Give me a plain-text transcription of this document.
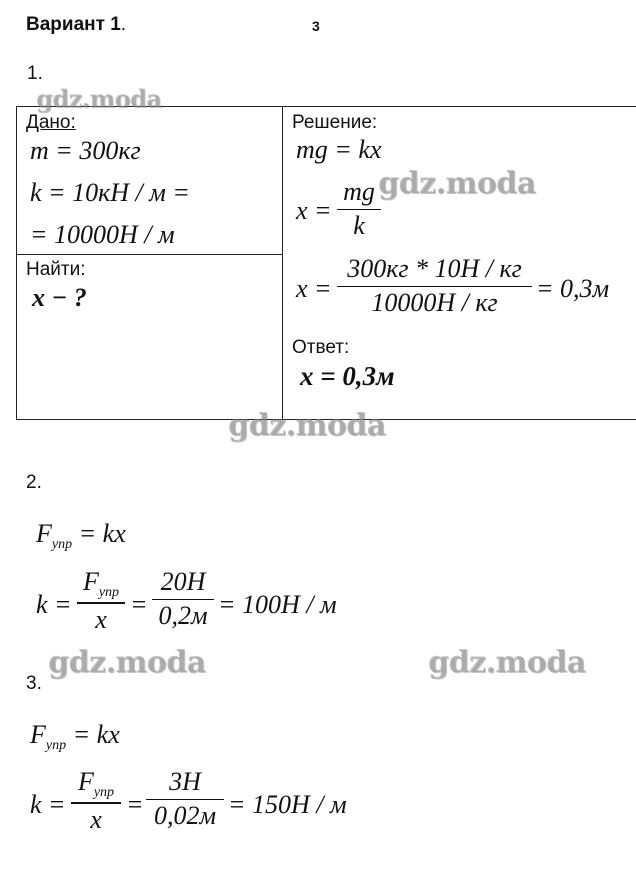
Вариант 1.	3
1.
Дано:
m = 300кг
k = 10кН / м =
= 10000Н / м
Найти:
x − ?
Решение:
mg = kx
x =
mg
k
x =
300кг * 10Н / кг
10000Н / кг	= 0,3м
Ответ:
x = 0,3м
2.
$F_{упр}$ = kx
k =
$F_{упр}$
x
=
20Н
0,2м = 100Н / м
3.
$F_{упр}$ = kx
k =
$F_{упр}$
x
=
3Н
0,02м = 150Н / м
gdz.moda
gdz.moda
gdz.moda
gdz.moda	gdz.moda
